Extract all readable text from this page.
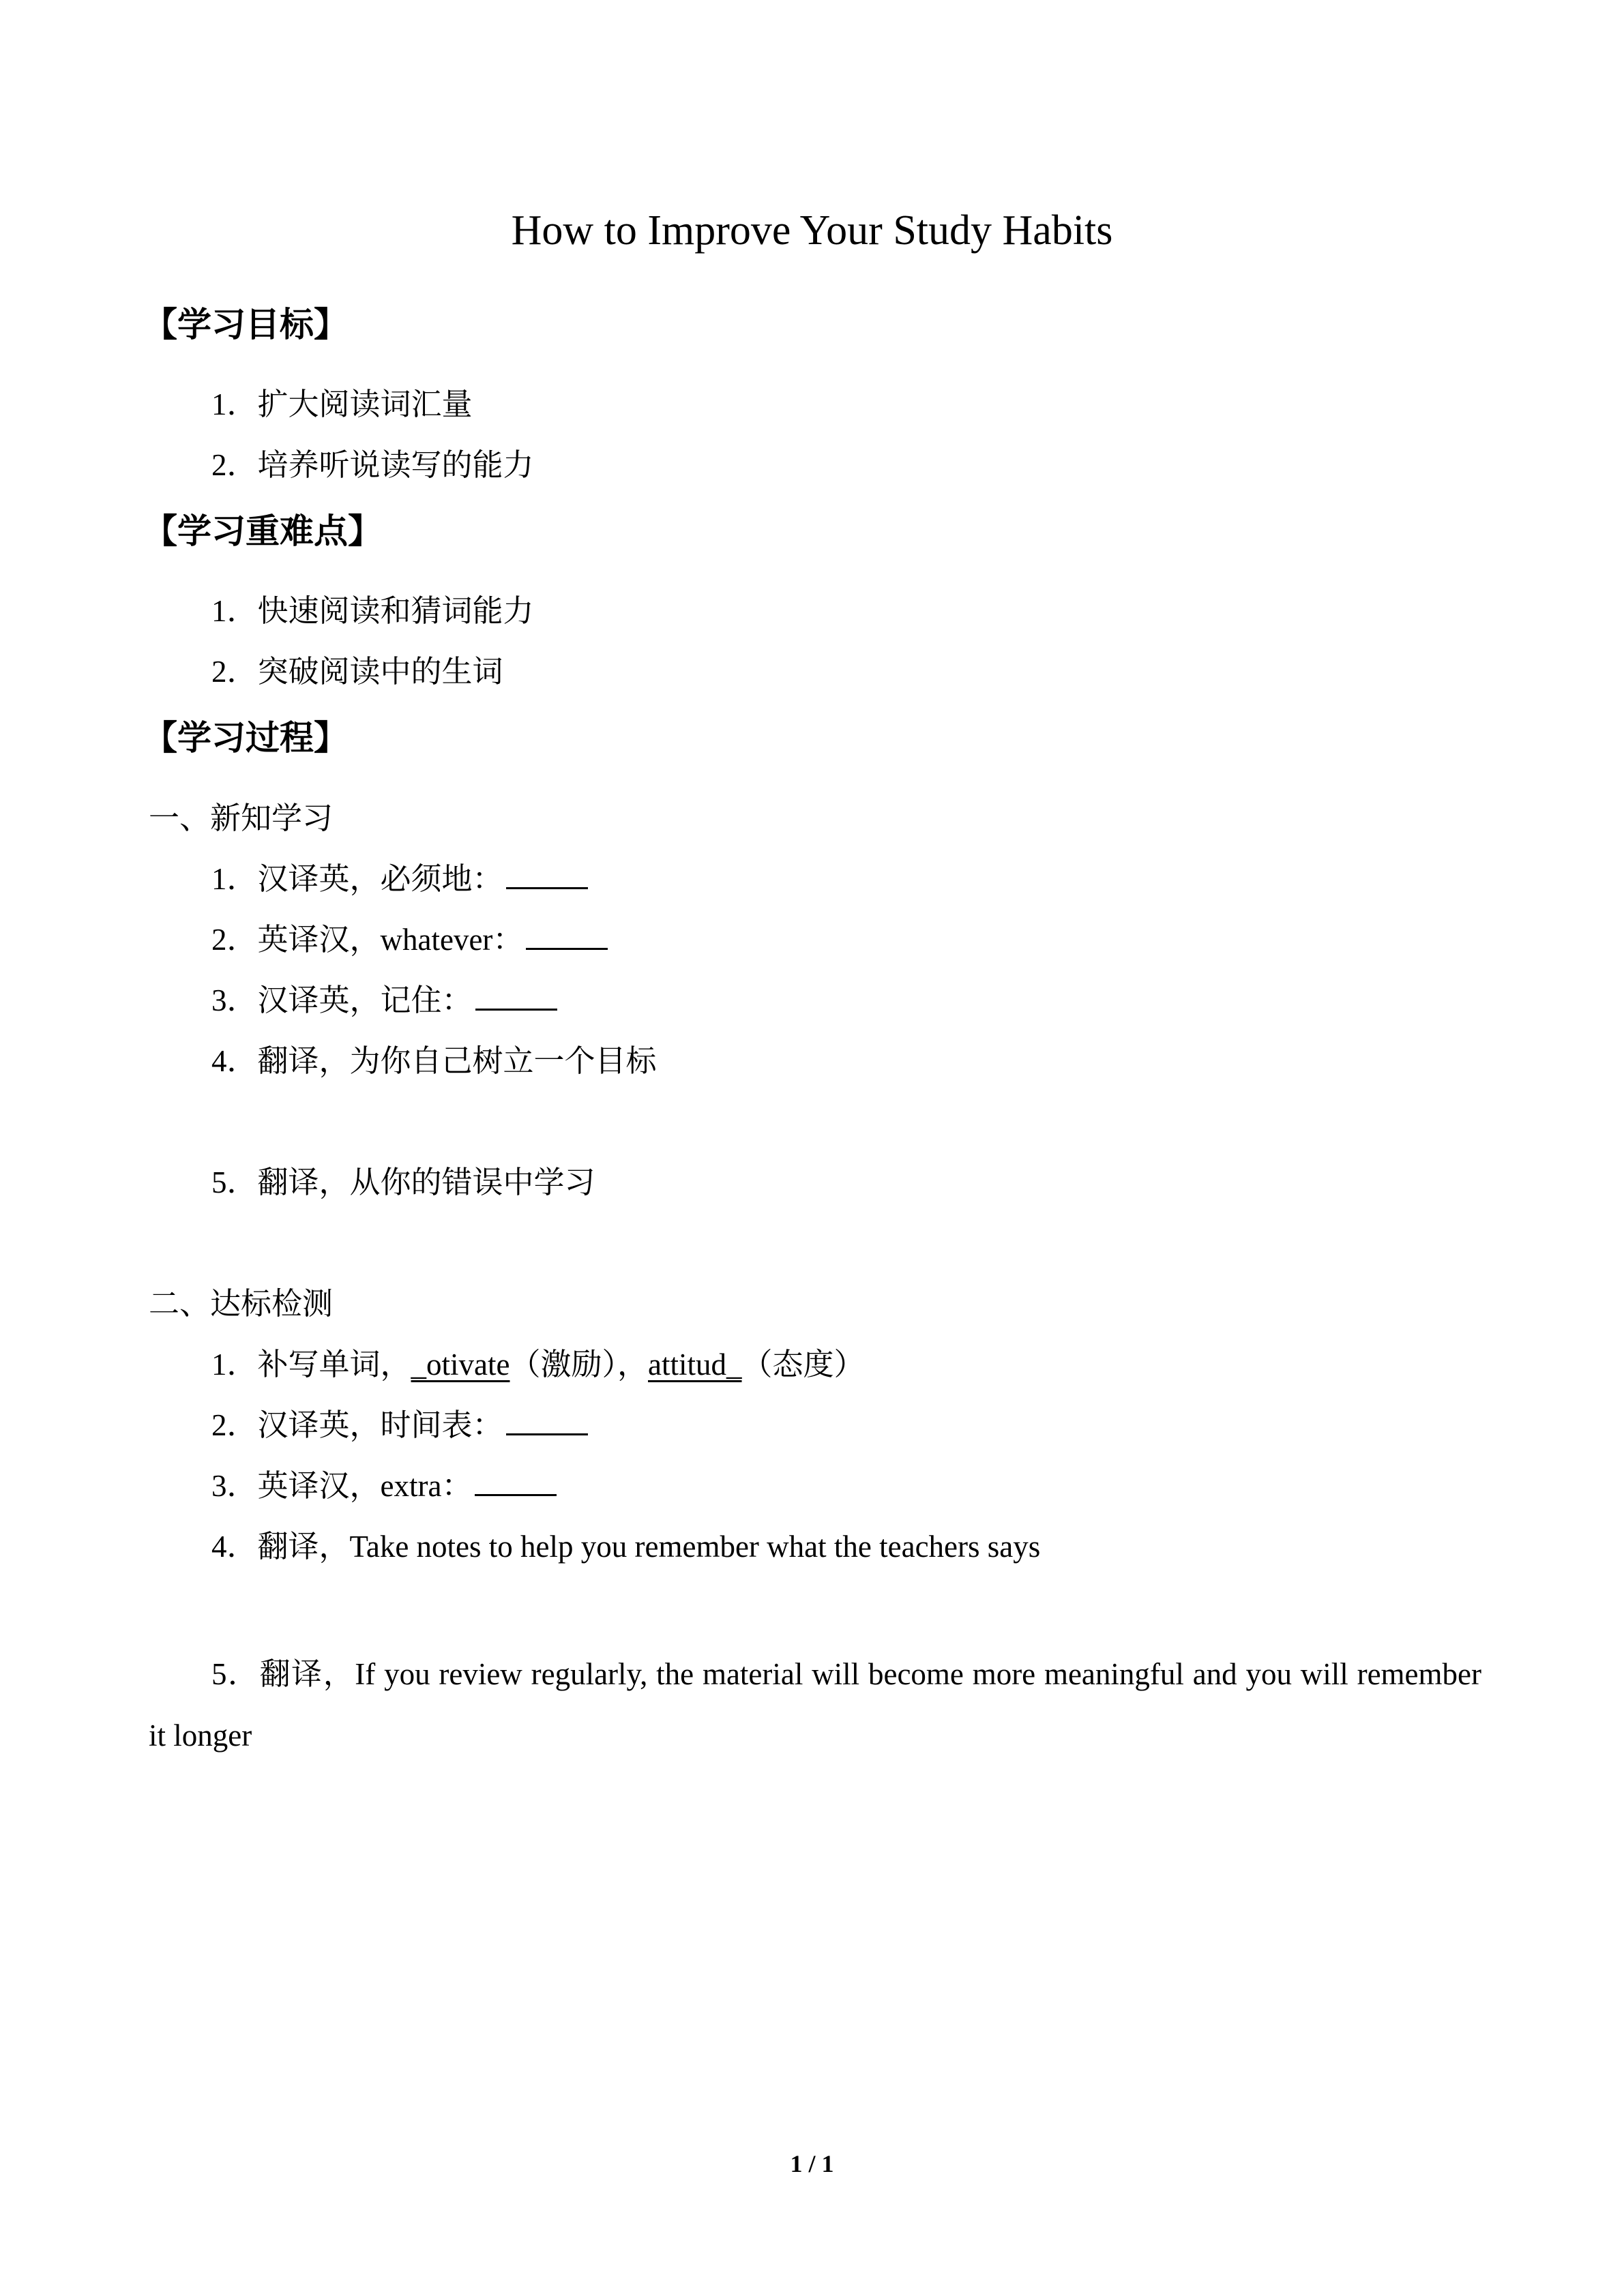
How to Improve Your Study Habits
【学习目标】
1．扩大阅读词汇量
2．培养听说读写的能力
【学习重难点】
1．快速阅读和猜词能力
2．突破阅读中的生词
【学习过程】
一、新知学习
1．汉译英，必须地：
2．英译汉，whatever：
3．汉译英，记住：
4．翻译，为你自己树立一个目标
5．翻译，从你的错误中学习
二、达标检测
1．补写单词，_otivate（激励），attitud_（态度）
2．汉译英，时间表：
3．英译汉，extra：
4．翻译，Take notes to help you remember what the teachers says
5．翻译，If you review regularly, the material will become more meaningful and you will remember it longer
1 / 1
